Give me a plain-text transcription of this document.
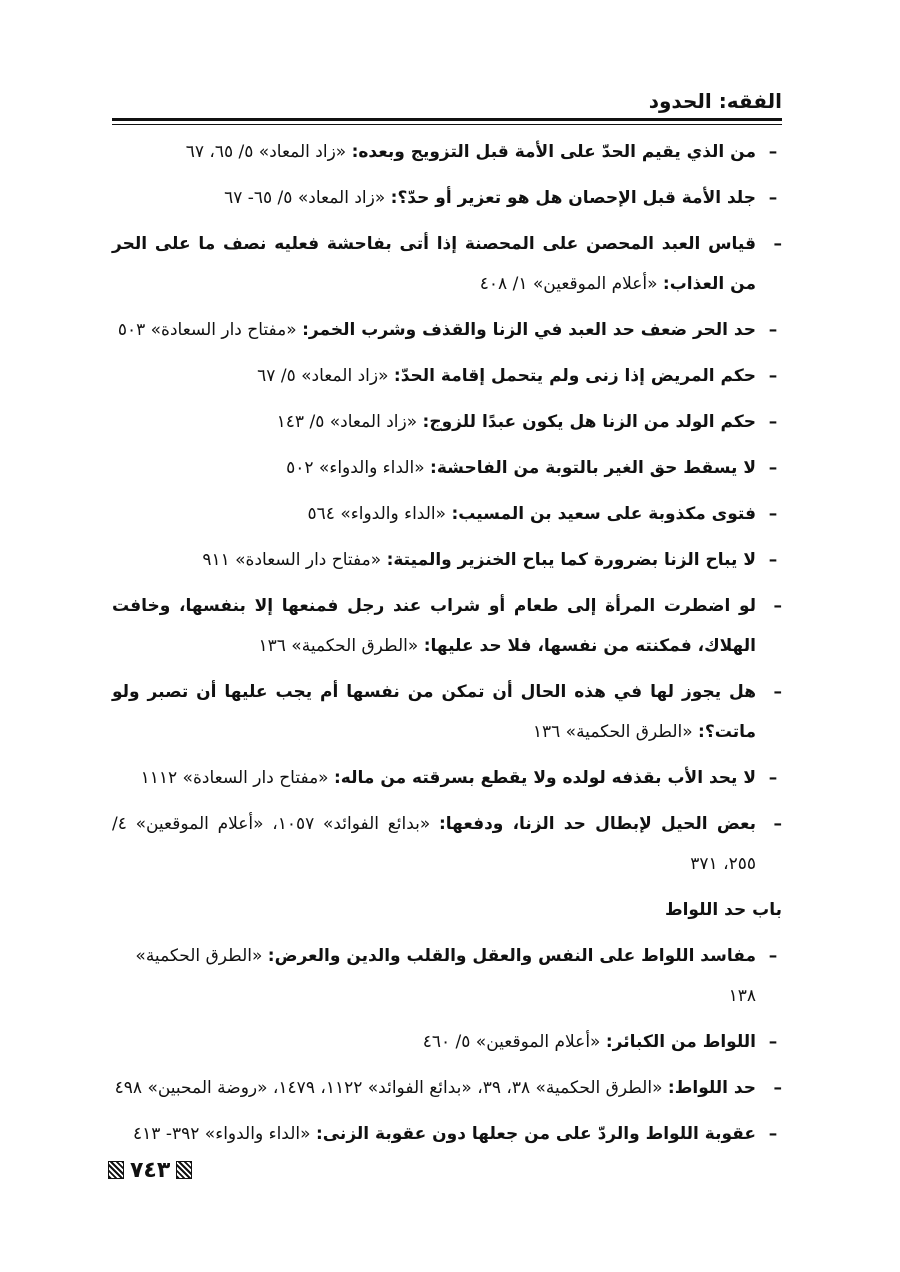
الفقه: الحدود
–
من الذي يقيم الحدّ على الأمة قبل التزويج وبعده: «زاد المعاد» ٥/ ٦٥، ٦٧
–
جلد الأمة قبل الإحصان هل هو تعزير أو حدّ؟: «زاد المعاد» ٥/ ٦٥- ٦٧
–
قياس العبد المحصن على المحصنة إذا أتى بفاحشة فعليه نصف ما على الحر من العذاب: «أعلام الموقعين» ١/ ٤٠٨
–
حد الحر ضعف حد العبد في الزنا والقذف وشرب الخمر: «مفتاح دار السعادة» ٥٠٣
–
حكم المريض إذا زنى ولم يتحمل إقامة الحدّ: «زاد المعاد» ٥/ ٦٧
–
حكم الولد من الزنا هل يكون عبدًا للزوج: «زاد المعاد» ٥/ ١٤٣
–
لا يسقط حق الغير بالتوبة من الفاحشة: «الداء والدواء» ٥٠٢
–
فتوى مكذوبة على سعيد بن المسيب: «الداء والدواء» ٥٦٤
–
لا يباح الزنا بضرورة كما يباح الخنزير والميتة: «مفتاح دار السعادة» ٩١١
–
لو اضطرت المرأة إلى طعام أو شراب عند رجل فمنعها إلا بنفسها، وخافت الهلاك، فمكنته من نفسها، فلا حد عليها: «الطرق الحكمية» ١٣٦
–
هل يجوز لها في هذه الحال أن تمكن من نفسها أم يجب عليها أن تصبر ولو ماتت؟: «الطرق الحكمية» ١٣٦
–
لا يحد الأب بقذفه لولده ولا يقطع بسرقته من ماله: «مفتاح دار السعادة» ١١١٢
–
بعض الحيل لإبطال حد الزنا، ودفعها: «بدائع الفوائد» ١٠٥٧، «أعلام الموقعين» ٤/ ٢٥٥، ٣٧١
باب حد اللواط
–
مفاسد اللواط على النفس والعقل والقلب والدين والعرض: «الطرق الحكمية» ١٣٨
–
اللواط من الكبائر: «أعلام الموقعين» ٥/ ٤٦٠
–
حد اللواط: «الطرق الحكمية» ٣٨، ٣٩، «بدائع الفوائد» ١١٢٢، ١٤٧٩، «روضة المحبين» ٤٩٨
–
عقوبة اللواط والردّ على من جعلها دون عقوبة الزنى: «الداء والدواء» ٣٩٢- ٤١٣
٧٤٣
